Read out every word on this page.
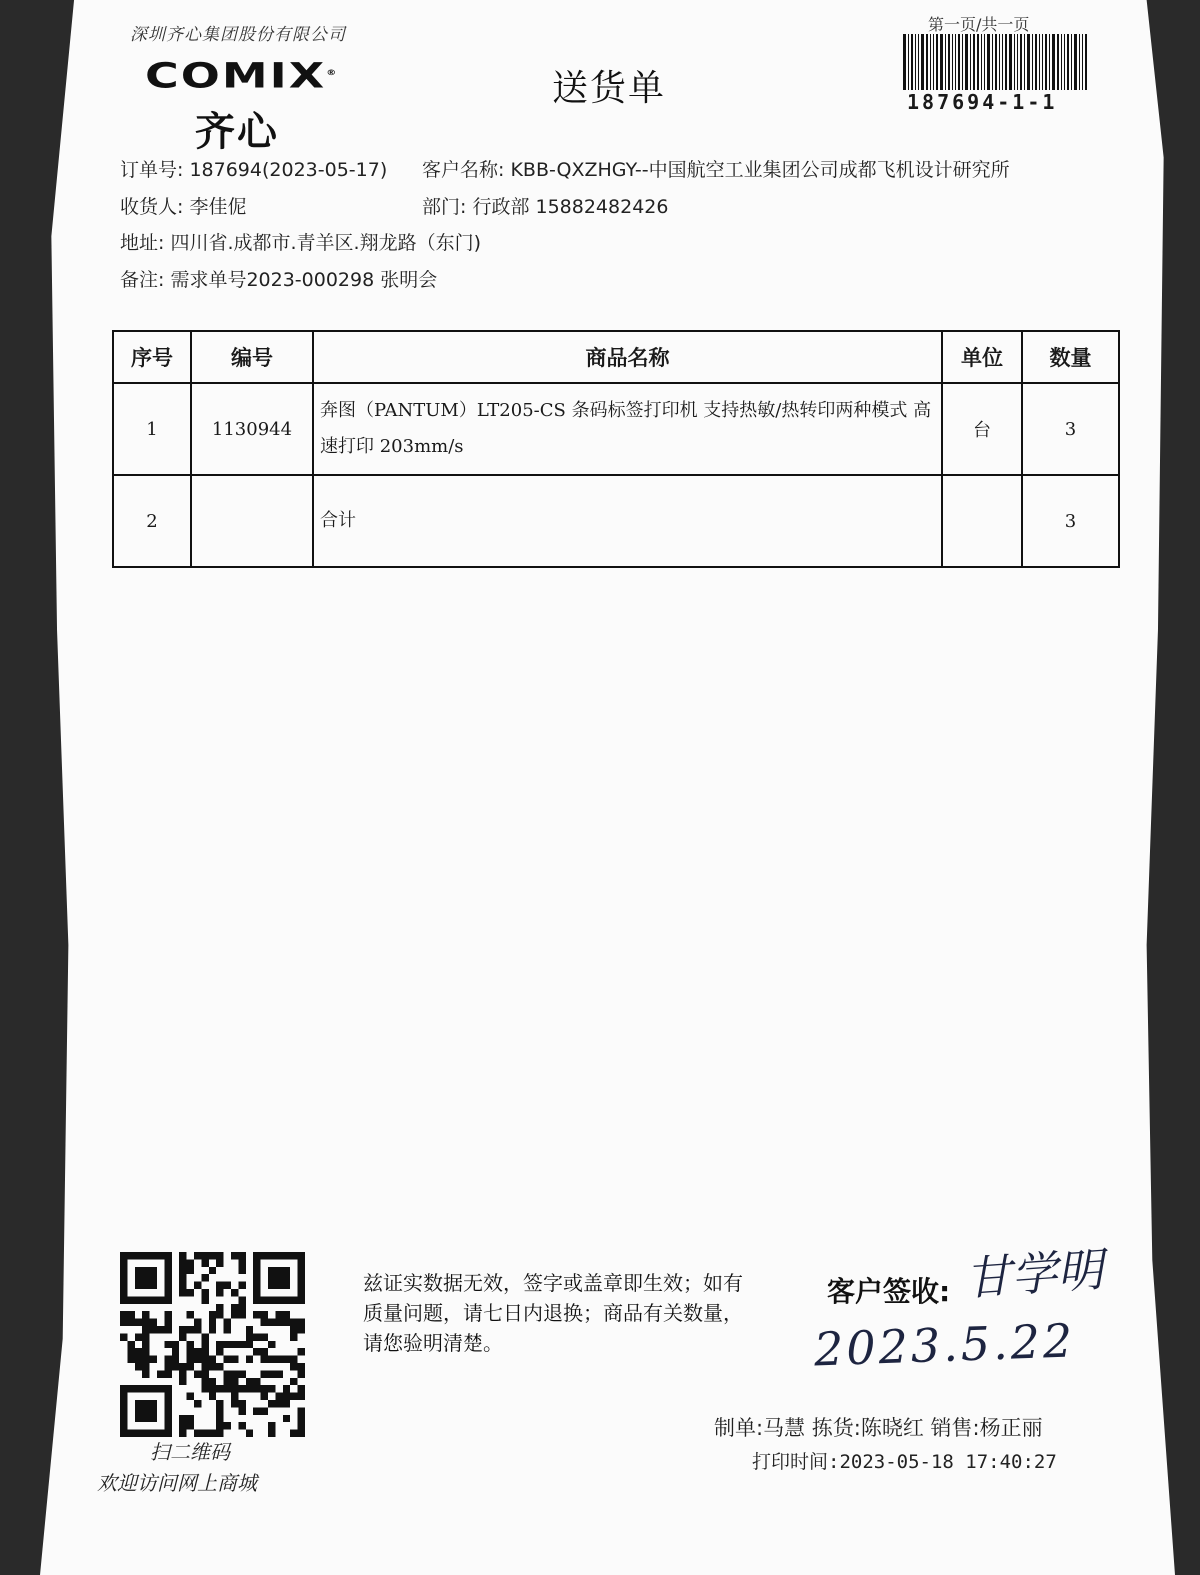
深圳齐心集团股份有限公司
COMIX®
齐心
送货单
第一页/共一页
187694-1-1
订单号: 187694(2023-05-17) 客户名称: KBB-QXZHGY--中国航空工业集团公司成都飞机设计研究所
收货人: 李佳伲	部门: 行政部 15882482426
地址: 四川省.成都市.青羊区.翔龙路（东门)
备注: 需求单号2023-000298 张明会
序号	编号	商品名称	单位	数量
1	1130944	奔图（PANTUM）LT205-CS 条码标签打印机 支持热敏/热转印两种模式 高速打印 203mm/s	台	3
2		合计		3
扫二维码
欢迎访问网上商城
兹证实数据无效，签字或盖章即生效；如有质量问题，请七日内退换；商品有关数量，请您验明清楚。
客户签收: 甘学明
2023.5.22
制单:马慧 拣货:陈晓红 销售:杨正丽
打印时间:2023-05-18 17:40:27
